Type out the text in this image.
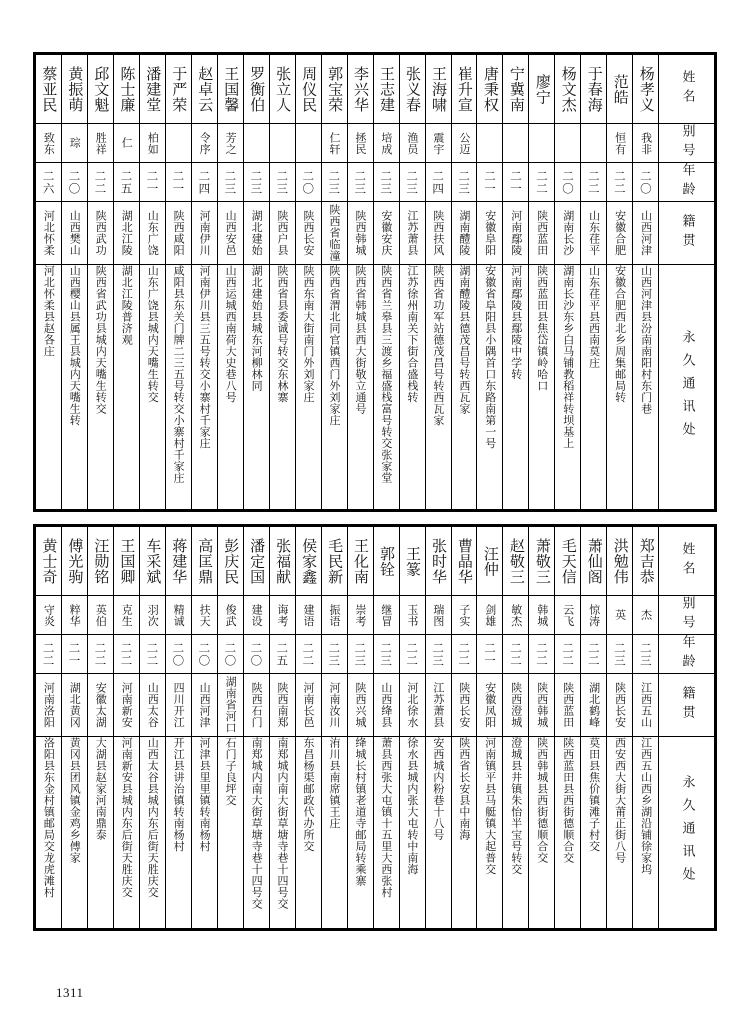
蔡亚民	黄振萌	邱文魁	陈士廉	潘建堂	于严荣	赵卓云	王国馨	罗衡伯	张立人	周仪民	郭宝荣	李兴华	王志建	张义春	王海啸	崔升宣	唐秉权	宁冀南	廖宁	杨文杰	于春海	范皓	杨孝义	姓名

致东	琮	胜祥	仁	柏如		令序	芳之				仁轩	拯民	培成	渔员	震宇	公迈						恒有	我非	别号

二六	二〇	二二	二五	二一	二一	二四	二三	二三	二三	二〇	二三	二三	二三	二三	二四	二三	二一	二一	二二	二〇	二二	二二	二〇	年龄

河北怀柔	山西樊山	陕西武功	湖北江陵	山东广饶	陕西咸阳	河南伊川	山西安邑	湖北建始	陕西户县	陕西长安	陕西省临潼	陕西韩城	安徽安庆	江苏萧县	陕西扶风	湖南醴陵	安徽阜阳	河南鄢陵	陕西蓝田	湖南长沙	山东荏平	安徽合肥	山西河津	籍贯

河北怀柔县赵各庄	山西樱山县属王县城内天嘴生转	陕西省武功县城内天嘴生转交	湖北江陵普济观	山东广饶县城内天嘴生转交	咸阳县东关门牌二三五号转交小寨村千家庄	河南伊川县三五号转交小寨村千家庄	山西运城西南荷大史巷八号	湖北建始县城东河柳林同	陕西省县委诚号转交东林寨	陕西东南大街南门外刘家庄	陕西省渭北同官镇西门外刘家庄	陕西省韩城县西大街敬立通号	陕西省兰皋县三渡乡福盛栈富号转交张家堂	江苏徐州南关下街合盛栈转	陕西省功军站德茂昌号转西瓦家	湖南醴陵县德茂昌号转西瓦家	安徽省阜阳县小隅首口东路南第一号	河南鄢陵县鄢陵中学转	陕西蓝田县焦岱镇岭哈口	湖南长沙东乡白马铺教稻祥转坝基上	山东荏平县西南莫庄	安徽合肥西北乡周集邮局转	山西河津县汾南南阳村东门巷	永久通讯处
黄士奇	傅光驹	汪勋铭	王国卿	车采斌	蒋建华	高匡鼎	彭庆民	潘定国	张福献	侯家鑫	毛民新	王化南	郭铨	王篆	张时华	曹晶华	汪仲	赵敬三	萧敬三	毛天信	萧仙阁	洪勉伟	郑吉恭	姓名

守炎	粹华	英伯	克生	羽次	精诚	扶天	俊武	建设	诲考	建语	振语	崇考	继冒	玉书	瑞图	子实	剑雄	敏杰	韩城	云飞	惊涛	英	杰	别号

二二	二一	二二	二二	二二	二〇	二〇	二〇	二〇	二五	二二	二三	二三	二三	二二	二三	二二	二一	二二	二二	二二	二二	二三	二三	年龄

河南洛阳	湖北黄冈	安徽太湖	河南新安	山西太谷	四川开江	山西河津	湖南省河口	陕西石门	陕西南郑	河南长邑	河南汝川	陕西兴城	山西绛县	河北徐水	江苏萧县	陕西长安	安徽凤阳	陕西澄城	陕西韩城	陕西蓝田	湖北鹤峰	陕西长安	江西五山	籍贯

洛阳县东金村镇邮局交龙虎滩村	黄冈县团风镇金鸡乡傅家	大湖县赵家河南鼎泰	河南新安县城内东后街天胜庆交	山西太谷县城内东后街天胜庆交	开江县讲治镇转南杨村	河津县里里镇转南杨村	石门子良坪交	南郑城内南大街草塘寺巷十四号交	南郑城内南大街草塘寺巷十四号交	东昌杨渠邮政代办所交	洧川县南席镇王庄	绛城长村镇老道寺邮局转乘寨	萧县西张大屯镇十五里大西张村	徐水县城内张大屯转中南海	安西城内粉巷十八号	陕西省长安县中南海	河南镇平县马艇镇大起普交	澄城县井镇朱怡半宝号转交	陕西韩城县西街德顺合交	陕西蓝田县西街德顺合交	莫田县焦价镇滩子村交	西安西大街大莆正街八号	江西五山西乡湖沿铺徐家坞	永久通讯处
1311
